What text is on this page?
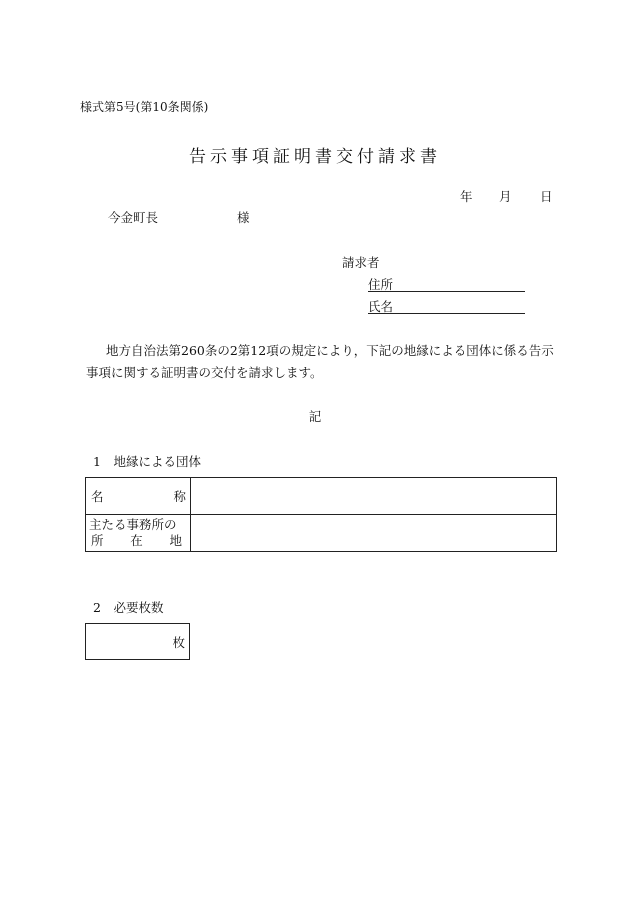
様式第5号(第10条関係)
告示事項証明書交付請求書
年 月 日
今金町長	様
請求者
住所
氏名
地方自治法第260条の2第12項の規定により，下記の地縁による団体に係る告示事項に関する証明書の交付を請求します。
記
1　地縁による団体
名 称	

主たる事務所の
所 在 地	

2　必要枚数
枚
